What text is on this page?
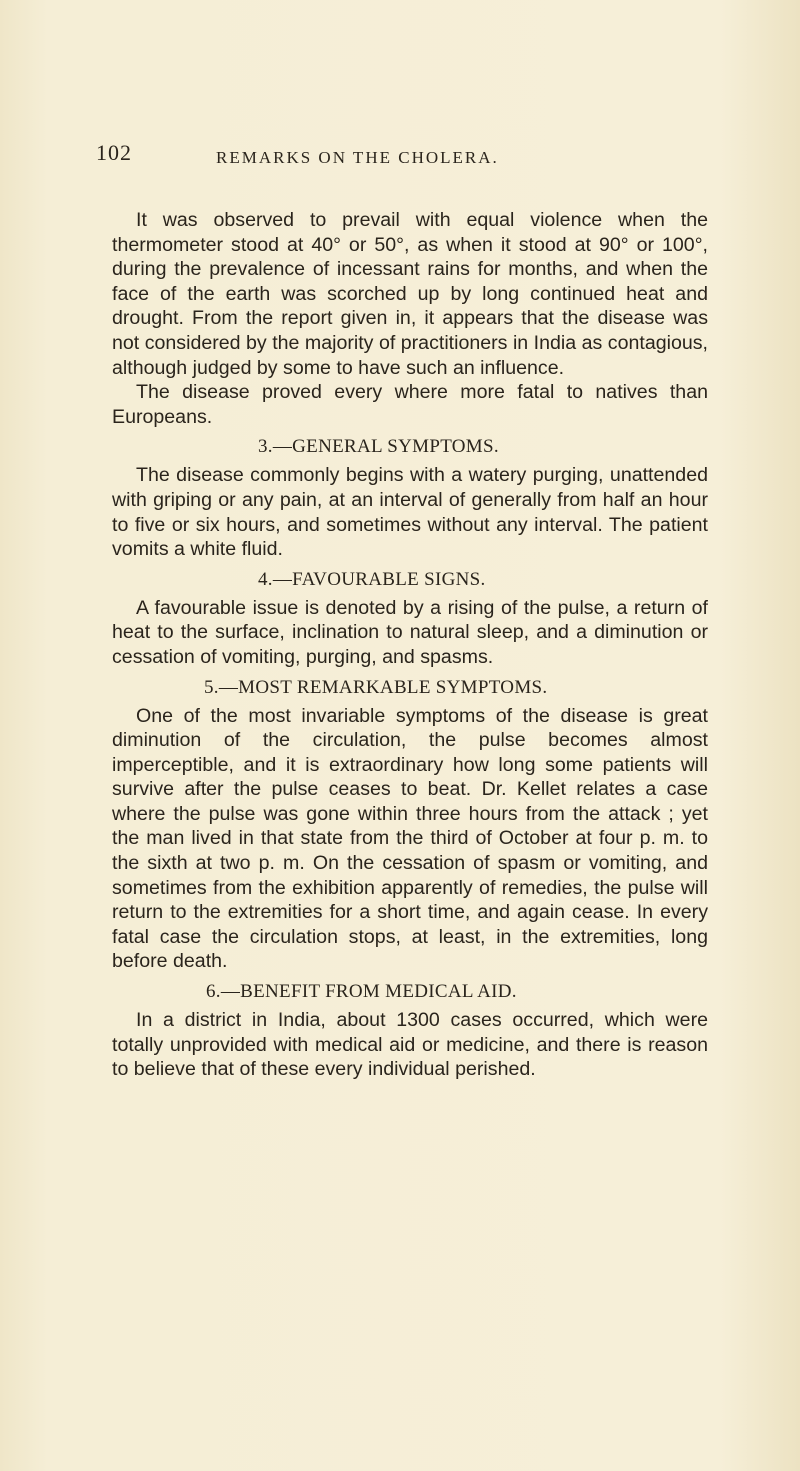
102	REMARKS ON THE CHOLERA.

It was observed to prevail with equal violence when the thermometer stood at 40° or 50°, as when it stood at 90° or 100°, during the prevalence of incessant rains for months, and when the face of the earth was scorched up by long continued heat and drought. From the report given in, it appears that the disease was not considered by the majority of practitioners in India as contagious, although judged by some to have such an influence.

The disease proved every where more fatal to natives than Europeans.

3.—GENERAL SYMPTOMS.

The disease commonly begins with a watery purging, unattended with griping or any pain, at an interval of generally from half an hour to five or six hours, and sometimes without any interval. The patient vomits a white fluid.

4.—FAVOURABLE SIGNS.

A favourable issue is denoted by a rising of the pulse, a return of heat to the surface, inclination to natural sleep, and a diminution or cessation of vomiting, purging, and spasms.

5.—MOST REMARKABLE SYMPTOMS.

One of the most invariable symptoms of the disease is great diminution of the circulation, the pulse becomes almost imperceptible, and it is extraordinary how long some patients will survive after the pulse ceases to beat. Dr. Kellet relates a case where the pulse was gone within three hours from the attack ; yet the man lived in that state from the third of October at four p. m. to the sixth at two p. m. On the cessation of spasm or vomiting, and sometimes from the exhibition apparently of remedies, the pulse will return to the extremities for a short time, and again cease. In every fatal case the circulation stops, at least, in the extremities, long before death.

6.—BENEFIT FROM MEDICAL AID.

In a district in India, about 1300 cases occurred, which were totally unprovided with medical aid or medicine, and there is reason to believe that of these every individual perished.
